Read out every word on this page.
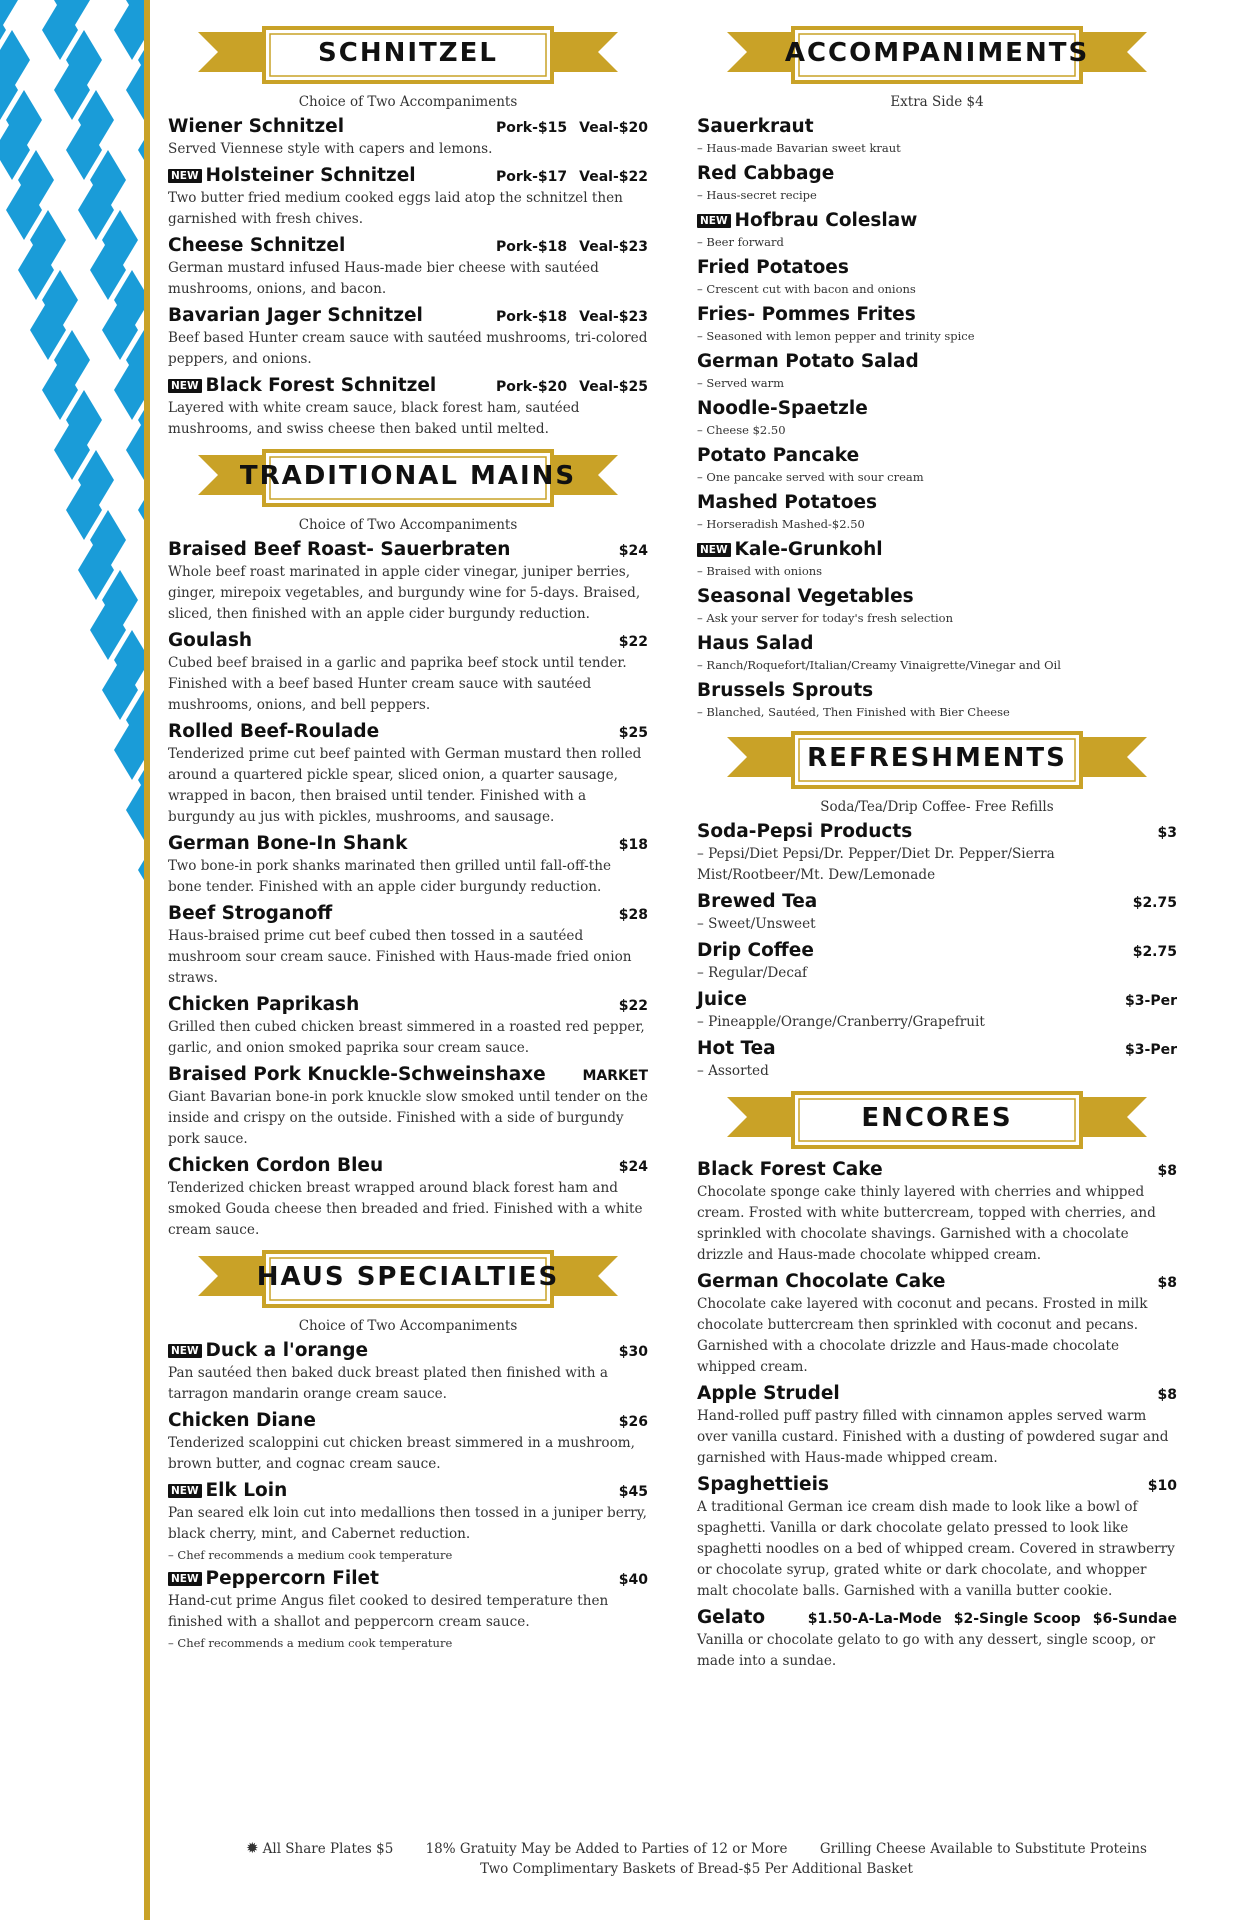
SCHNITZEL
Choice of Two Accompaniments
Wiener Schnitzel	Pork-$15 Veal-$20
Served Viennese style with capers and lemons.
NEW Holsteiner Schnitzel	Pork-$17 Veal-$22
Two butter fried medium cooked eggs laid atop the schnitzel then garnished with fresh chives.
Cheese Schnitzel	Pork-$18 Veal-$23
German mustard infused Haus-made bier cheese with sautéed mushrooms, onions, and bacon.
Bavarian Jager Schnitzel	Pork-$18 Veal-$23
Beef based Hunter cream sauce with sautéed mushrooms, tri-colored peppers, and onions.
NEW Black Forest Schnitzel	Pork-$20 Veal-$25
Layered with white cream sauce, black forest ham, sautéed mushrooms, and swiss cheese then baked until melted.
TRADITIONAL MAINS
Choice of Two Accompaniments
Braised Beef Roast- Sauerbraten	$24
Whole beef roast marinated in apple cider vinegar, juniper berries, ginger, mirepoix vegetables, and burgundy wine for 5-days. Braised, sliced, then finished with an apple cider burgundy reduction.
Goulash	$22
Cubed beef braised in a garlic and paprika beef stock until tender. Finished with a beef based Hunter cream sauce with sautéed mushrooms, onions, and bell peppers.
Rolled Beef-Roulade	$25
Tenderized prime cut beef painted with German mustard then rolled around a quartered pickle spear, sliced onion, a quarter sausage, wrapped in bacon, then braised until tender. Finished with a burgundy au jus with pickles, mushrooms, and sausage.
German Bone-In Shank	$18
Two bone-in pork shanks marinated then grilled until fall-off-the bone tender. Finished with an apple cider burgundy reduction.
Beef Stroganoff	$28
Haus-braised prime cut beef cubed then tossed in a sautéed mushroom sour cream sauce. Finished with Haus-made fried onion straws.
Chicken Paprikash	$22
Grilled then cubed chicken breast simmered in a roasted red pepper, garlic, and onion smoked paprika sour cream sauce.
Braised Pork Knuckle-Schweinshaxe	MARKET
Giant Bavarian bone-in pork knuckle slow smoked until tender on the inside and crispy on the outside. Finished with a side of burgundy pork sauce.
Chicken Cordon Bleu	$24
Tenderized chicken breast wrapped around black forest ham and smoked Gouda cheese then breaded and fried. Finished with a white cream sauce.
HAUS SPECIALTIES
Choice of Two Accompaniments
NEW Duck a l'orange	$30
Pan sautéed then baked duck breast plated then finished with a tarragon mandarin orange cream sauce.
Chicken Diane	$26
Tenderized scaloppini cut chicken breast simmered in a mushroom, brown butter, and cognac cream sauce.
NEW Elk Loin	$45
Pan seared elk loin cut into medallions then tossed in a juniper berry, black cherry, mint, and Cabernet reduction.
– Chef recommends a medium cook temperature
NEW Peppercorn Filet	$40
Hand-cut prime Angus filet cooked to desired temperature then finished with a shallot and peppercorn cream sauce.
– Chef recommends a medium cook temperature
ACCOMPANIMENTS
Extra Side $4
Sauerkraut
– Haus-made Bavarian sweet kraut
Red Cabbage
– Haus-secret recipe
NEW Hofbrau Coleslaw
– Beer forward
Fried Potatoes
– Crescent cut with bacon and onions
Fries- Pommes Frites
– Seasoned with lemon pepper and trinity spice
German Potato Salad
– Served warm
Noodle-Spaetzle
– Cheese $2.50
Potato Pancake
– One pancake served with sour cream
Mashed Potatoes
– Horseradish Mashed-$2.50
NEW Kale-Grunkohl
– Braised with onions
Seasonal Vegetables
– Ask your server for today's fresh selection
Haus Salad
– Ranch/Roquefort/Italian/Creamy Vinaigrette/Vinegar and Oil
Brussels Sprouts
– Blanched, Sautéed, Then Finished with Bier Cheese
REFRESHMENTS
Soda/Tea/Drip Coffee- Free Refills
Soda-Pepsi Products	$3
– Pepsi/Diet Pepsi/Dr. Pepper/Diet Dr. Pepper/Sierra Mist/Rootbeer/Mt. Dew/Lemonade
Brewed Tea	$2.75
– Sweet/Unsweet
Drip Coffee	$2.75
– Regular/Decaf
Juice	$3-Per
– Pineapple/Orange/Cranberry/Grapefruit
Hot Tea	$3-Per
– Assorted
ENCORES
Black Forest Cake	$8
Chocolate sponge cake thinly layered with cherries and whipped cream. Frosted with white buttercream, topped with cherries, and sprinkled with chocolate shavings. Garnished with a chocolate drizzle and Haus-made chocolate whipped cream.
German Chocolate Cake	$8
Chocolate cake layered with coconut and pecans. Frosted in milk chocolate buttercream then sprinkled with coconut and pecans. Garnished with a chocolate drizzle and Haus-made chocolate whipped cream.
Apple Strudel	$8
Hand-rolled puff pastry filled with cinnamon apples served warm over vanilla custard. Finished with a dusting of powdered sugar and garnished with Haus-made whipped cream.
Spaghettieis	$10
A traditional German ice cream dish made to look like a bowl of spaghetti. Vanilla or dark chocolate gelato pressed to look like spaghetti noodles on a bed of whipped cream. Covered in strawberry or chocolate syrup, grated white or dark chocolate, and whopper malt chocolate balls. Garnished with a vanilla butter cookie.
Gelato	$1.50-A-La-Mode $2-Single Scoop $6-Sundae
Vanilla or chocolate gelato to go with any dessert, single scoop, or made into a sundae.
✹ All Share Plates $5 18% Gratuity May be Added to Parties of 12 or More Grilling Cheese Available to Substitute Proteins
Two Complimentary Baskets of Bread-$5 Per Additional Basket
